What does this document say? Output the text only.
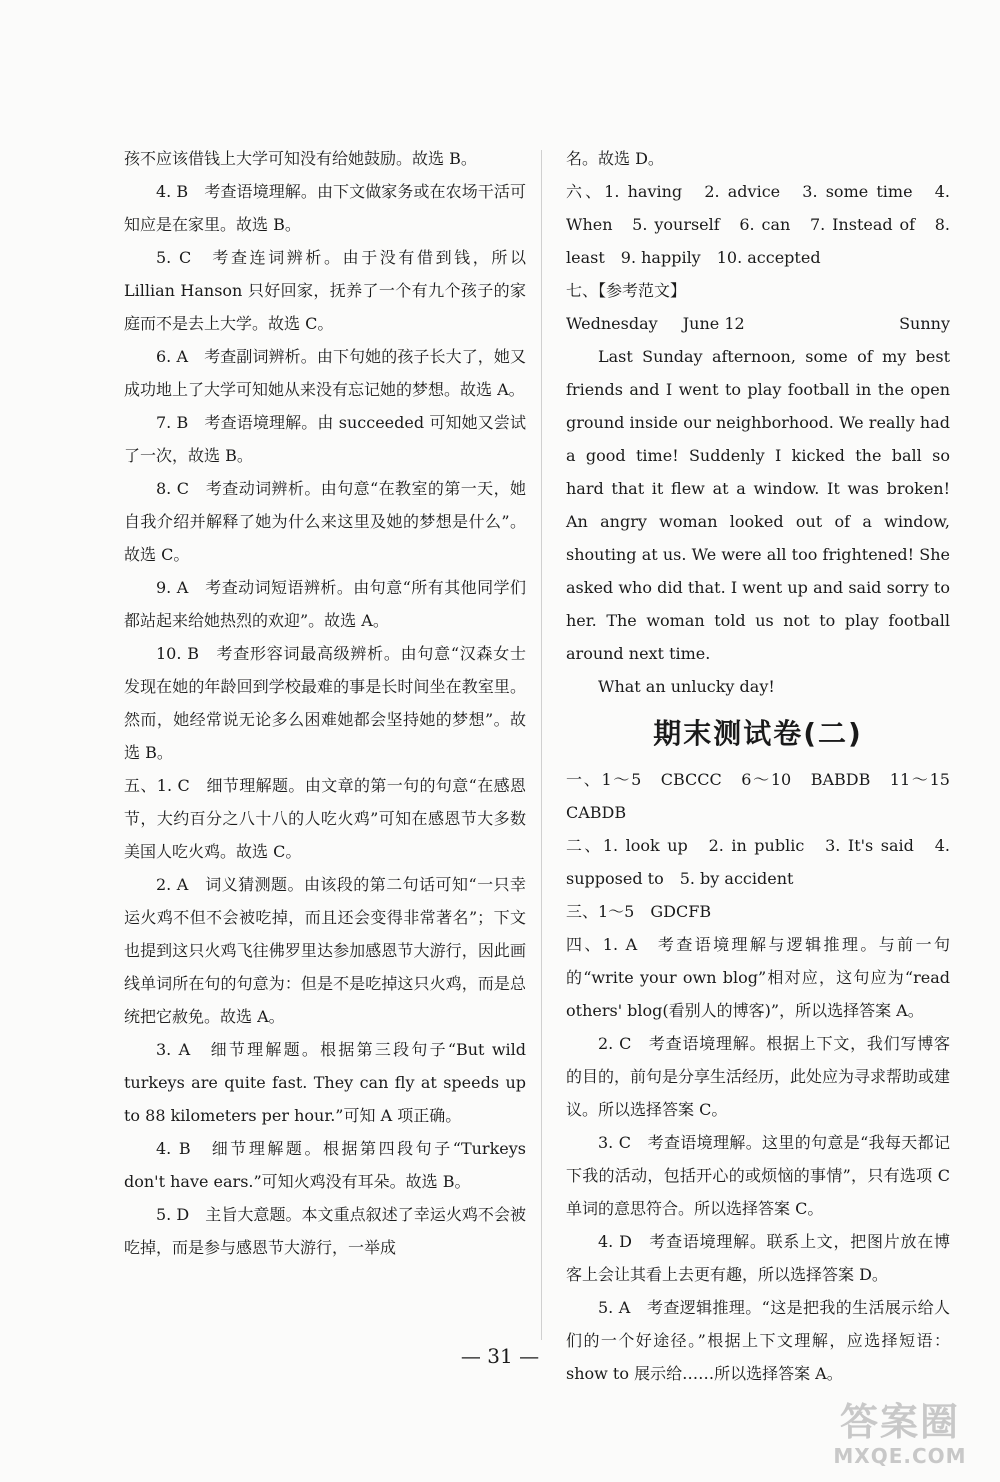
孩不应该借钱上大学可知没有给她鼓励。故选 B。

4. B　考查语境理解。由下文做家务或在农场干活可知应是在家里。故选 B。

5. C　考查连词辨析。由于没有借到钱，所以 Lillian Hanson 只好回家，抚养了一个有九个孩子的家庭而不是去上大学。故选 C。

6. A　考查副词辨析。由下句她的孩子长大了，她又成功地上了大学可知她从来没有忘记她的梦想。故选 A。

7. B　考查语境理解。由 succeeded 可知她又尝试了一次，故选 B。

8. C　考查动词辨析。由句意“在教室的第一天，她自我介绍并解释了她为什么来这里及她的梦想是什么”。故选 C。

9. A　考查动词短语辨析。由句意“所有其他同学们都站起来给她热烈的欢迎”。故选 A。

10. B　考查形容词最高级辨析。由句意“汉森女士发现在她的年龄回到学校最难的事是长时间坐在教室里。然而，她经常说无论多么困难她都会坚持她的梦想”。故选 B。

五、1. C　细节理解题。由文章的第一句的句意“在感恩节，大约百分之八十八的人吃火鸡”可知在感恩节大多数美国人吃火鸡。故选 C。

2. A　词义猜测题。由该段的第二句话可知“一只幸运火鸡不但不会被吃掉，而且还会变得非常著名”；下文也提到这只火鸡飞往佛罗里达参加感恩节大游行，因此画线单词所在句的句意为：但是不是吃掉这只火鸡，而是总统把它赦免。故选 A。

3. A　细节理解题。根据第三段句子“But wild turkeys are quite fast. They can fly at speeds up to 88 kilometers per hour.”可知 A 项正确。

4. B　细节理解题。根据第四段句子“Turkeys don't have ears.”可知火鸡没有耳朵。故选 B。

5. D　主旨大意题。本文重点叙述了幸运火鸡不会被吃掉，而是参与感恩节大游行，一举成

名。故选 D。

六、1. having　2. advice　3. some time　4. When　5. yourself　6. can　7. Instead of　8. least　9. happily　10. accepted

七、【参考范文】

Wednesday June 12	Sunny

Last Sunday afternoon, some of my best friends and I went to play football in the open ground inside our neighborhood. We really had a good time! Suddenly I kicked the ball so hard that it flew at a window. It was broken! An angry woman looked out of a window, shouting at us. We were all too frightened! She asked who did that. I went up and said sorry to her. The woman told us not to play football around next time.

What an unlucky day!

期末测试卷(二)

一、1～5　CBCCC　6～10　BABDB　11～15　CABDB

二、1. look up　2. in public　3. It's said　4. supposed to　5. by accident

三、1～5　GDCFB

四、1. A　考查语境理解与逻辑推理。与前一句的“write your own blog”相对应，这句应为“read others' blog(看别人的博客)”，所以选择答案 A。

2. C　考查语境理解。根据上下文，我们写博客的目的，前句是分享生活经历，此处应为寻求帮助或建议。所以选择答案 C。

3. C　考查语境理解。这里的句意是“我每天都记下我的活动，包括开心的或烦恼的事情”，只有选项 C 单词的意思符合。所以选择答案 C。

4. D　考查语境理解。联系上文，把图片放在博客上会让其看上去更有趣，所以选择答案 D。

5. A　考查逻辑推理。“这是把我的生活展示给人们的一个好途径。”根据上下文理解，应选择短语：show to 展示给……所以选择答案 A。

— 31 —
答案圈
MXQE.COM
